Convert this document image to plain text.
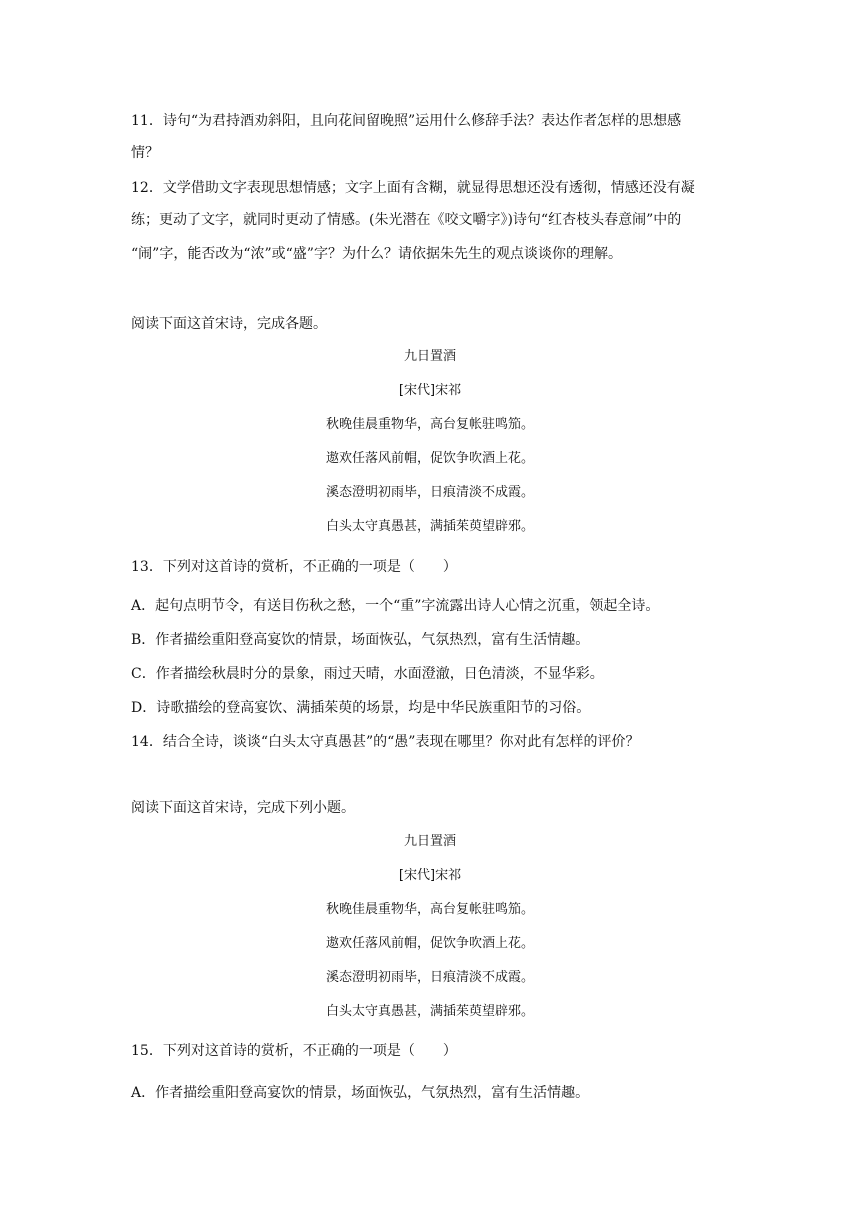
11．诗句“为君持酒劝斜阳，且向花间留晚照”运用什么修辞手法？表达作者怎样的思想感
情？
12．文学借助文字表现思想情感；文字上面有含糊，就显得思想还没有透彻，情感还没有凝
练；更动了文字，就同时更动了情感。(朱光潜在《咬文嚼字》)诗句“红杏枝头春意闹”中的
“闹”字，能否改为“浓”或“盛”字？为什么？请依据朱先生的观点谈谈你的理解。
阅读下面这首宋诗，完成各题。
九日置酒
[宋代]宋祁
秋晚佳晨重物华，高台复帐驻鸣笳。
遨欢任落风前帽，促饮争吹酒上花。
溪态澄明初雨毕，日痕清淡不成霞。
白头太守真愚甚，满插茱萸望辟邪。
13．下列对这首诗的赏析，不正确的一项是（　　）
A．起句点明节令，有送目伤秋之愁，一个“重”字流露出诗人心情之沉重，领起全诗。
B．作者描绘重阳登高宴饮的情景，场面恢弘，气氛热烈，富有生活情趣。
C．作者描绘秋晨时分的景象，雨过天晴，水面澄澈，日色清淡，不显华彩。
D．诗歌描绘的登高宴饮、满插茱萸的场景，均是中华民族重阳节的习俗。
14．结合全诗，谈谈“白头太守真愚甚”的“愚”表现在哪里？你对此有怎样的评价？
阅读下面这首宋诗，完成下列小题。
九日置酒
[宋代]宋祁
秋晚佳晨重物华，高台复帐驻鸣笳。
遨欢任落风前帽，促饮争吹酒上花。
溪态澄明初雨毕，日痕清淡不成霞。
白头太守真愚甚，满插茱萸望辟邪。
15．下列对这首诗的赏析，不正确的一项是（　　）
A．作者描绘重阳登高宴饮的情景，场面恢弘，气氛热烈，富有生活情趣。
